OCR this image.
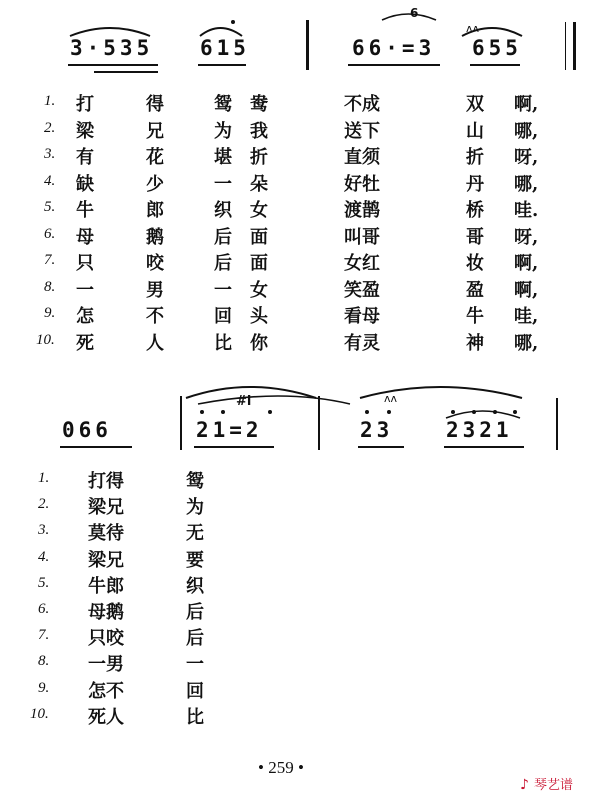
3·535 615	66·=3 655
6
ʌʌ
1. 打	得	鸳 鸯	不成	双 啊,
2. 梁	兄	为 我	送下	山 哪,
3. 有	花	堪 折	直须	折 呀,
4. 缺	少	一 朵	好牡	丹 哪,
5. 牛	郎	织 女	渡鹊	桥 哇.
6. 母	鹅	后 面	叫哥	哥 呀,
7. 只	咬	后 面	女红	妆 啊,
8. 一	男	一 女	笑盈	盈 啊,
9. 怎	不	回 头	看母	牛 哇,
10. 死	人	比 你	有灵	神 哪,
066	21=2	23	2321
#i	ʌʌ
1. 打得	鸳
2. 梁兄	为
3. 莫待	无
4. 梁兄	要
5. 牛郎	织
6. 母鹅	后
7. 只咬	后
8. 一男	一
9. 怎不	回
10. 死人	比
• 259 •
♪ 琴艺谱
